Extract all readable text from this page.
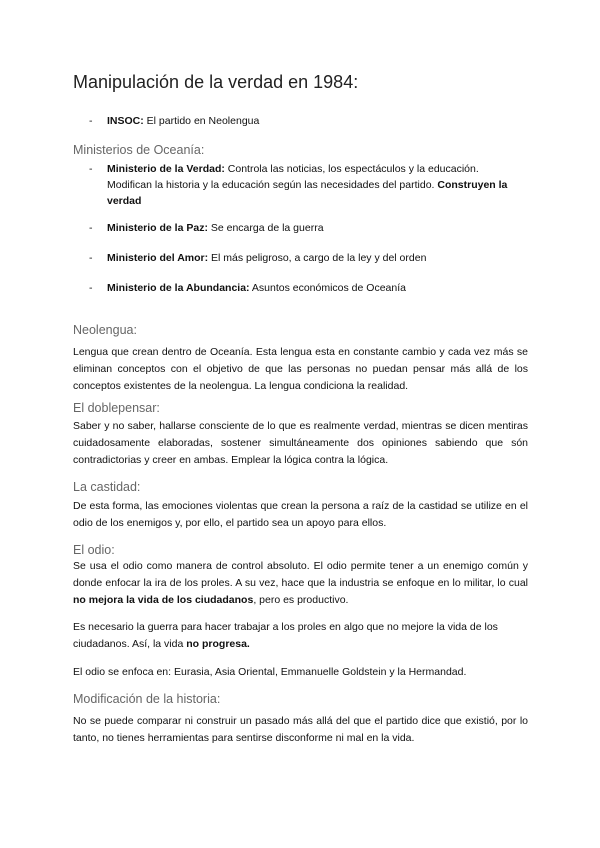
Manipulación de la verdad en 1984:
- INSOC: El partido en Neolengua
Ministerios de Oceanía:
- Ministerio de la Verdad: Controla las noticias, los espectáculos y la educación. Modifican la historia y la educación según las necesidades del partido. Construyen la verdad
- Ministerio de la Paz: Se encarga de la guerra
- Ministerio del Amor: El más peligroso, a cargo de la ley y del orden
- Ministerio de la Abundancia: Asuntos económicos de Oceanía
Neolengua:
Lengua que crean dentro de Oceanía. Esta lengua esta en constante cambio y cada vez más se eliminan conceptos con el objetivo de que las personas no puedan pensar más allá de los conceptos existentes de la neolengua. La lengua condiciona la realidad.
El doblepensar:
Saber y no saber, hallarse consciente de lo que es realmente verdad, mientras se dicen mentiras cuidadosamente elaboradas, sostener simultáneamente dos opiniones sabiendo que són contradictorias y creer en ambas. Emplear la lógica contra la lógica.
La castidad:
De esta forma, las emociones violentas que crean la persona a raíz de la castidad se utilize en el odio de los enemigos y, por ello, el partido sea un apoyo para ellos.
El odio:
Se usa el odio como manera de control absoluto. El odio permite tener a un enemigo común y donde enfocar la ira de los proles. A su vez, hace que la industria se enfoque en lo militar, lo cual no mejora la vida de los ciudadanos, pero es productivo.
Es necesario la guerra para hacer trabajar a los proles en algo que no mejore la vida de los ciudadanos. Así, la vida no progresa.
El odio se enfoca en: Eurasia, Asia Oriental, Emmanuelle Goldstein y la Hermandad.
Modificación de la historia:
No se puede comparar ni construir un pasado más allá del que el partido dice que existió, por lo tanto, no tienes herramientas para sentirse disconforme ni mal en la vida.
